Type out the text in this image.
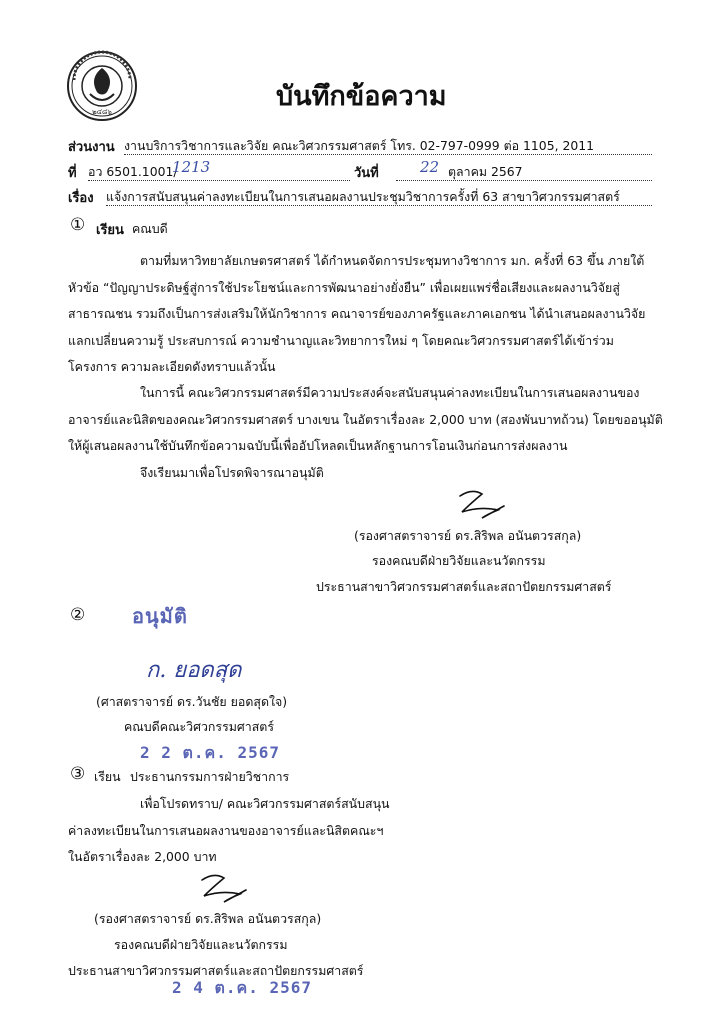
๒๔๘๖	บันทึกข้อความ
ส่วนงาน งานบริการวิชาการและวิจัย คณะวิศวกรรมศาสตร์ โทร. 02-797-0999 ต่อ 1105, 2011
ที่ อว 6501.1001/
1213	วันที่	22 ตุลาคม 2567
เรื่อง แจ้งการสนับสนุนค่าลงทะเบียนในการเสนอผลงานประชุมวิชาการครั้งที่ 63 สาขาวิศวกรรมศาสตร์
① เรียน คณบดี
ตามที่มหาวิทยาลัยเกษตรศาสตร์ ได้กำหนดจัดการประชุมทางวิชาการ มก. ครั้งที่ 63 ขึ้น ภายใต้
หัวข้อ “ปัญญาประดิษฐ์สู่การใช้ประโยชน์และการพัฒนาอย่างยั่งยืน” เพื่อเผยแพร่ชื่อเสียงและผลงานวิจัยสู่
สาธารณชน รวมถึงเป็นการส่งเสริมให้นักวิชาการ คณาจารย์ของภาครัฐและภาคเอกชน ได้นำเสนอผลงานวิจัย
แลกเปลี่ยนความรู้ ประสบการณ์ ความชำนาญและวิทยาการใหม่ ๆ โดยคณะวิศวกรรมศาสตร์ได้เข้าร่วม
โครงการ ความละเอียดดังทราบแล้วนั้น
ในการนี้ คณะวิศวกรรมศาสตร์มีความประสงค์จะสนับสนุนค่าลงทะเบียนในการเสนอผลงานของ
อาจารย์และนิสิตของคณะวิศวกรรมศาสตร์ บางเขน ในอัตราเรื่องละ 2,000 บาท (สองพันบาทถ้วน) โดยขออนุมัติ
ให้ผู้เสนอผลงานใช้บันทึกข้อความฉบับนี้เพื่ออัปโหลดเป็นหลักฐานการโอนเงินก่อนการส่งผลงาน
จึงเรียนมาเพื่อโปรดพิจารณาอนุมัติ
(รองศาสตราจารย์ ดร.สิริพล อนันตวรสกุล)
รองคณบดีฝ่ายวิจัยและนวัตกรรม
ประธานสาขาวิศวกรรมศาสตร์และสถาปัตยกรรมศาสตร์
② อนุมัติ
ก. ยอดสุด
(ศาสตราจารย์ ดร.วันชัย ยอดสุดใจ)
คณบดีคณะวิศวกรรมศาสตร์
2 2 ต.ค. 2567
③ เรียน ประธานกรรมการฝ่ายวิชาการ
เพื่อโปรดทราบ/ คณะวิศวกรรมศาสตร์สนับสนุน
ค่าลงทะเบียนในการเสนอผลงานของอาจารย์และนิสิตคณะฯ
ในอัตราเรื่องละ 2,000 บาท
(รองศาสตราจารย์ ดร.สิริพล อนันตวรสกุล)
รองคณบดีฝ่ายวิจัยและนวัตกรรม
ประธานสาขาวิศวกรรมศาสตร์และสถาปัตยกรรมศาสตร์
2 4 ต.ค. 2567
